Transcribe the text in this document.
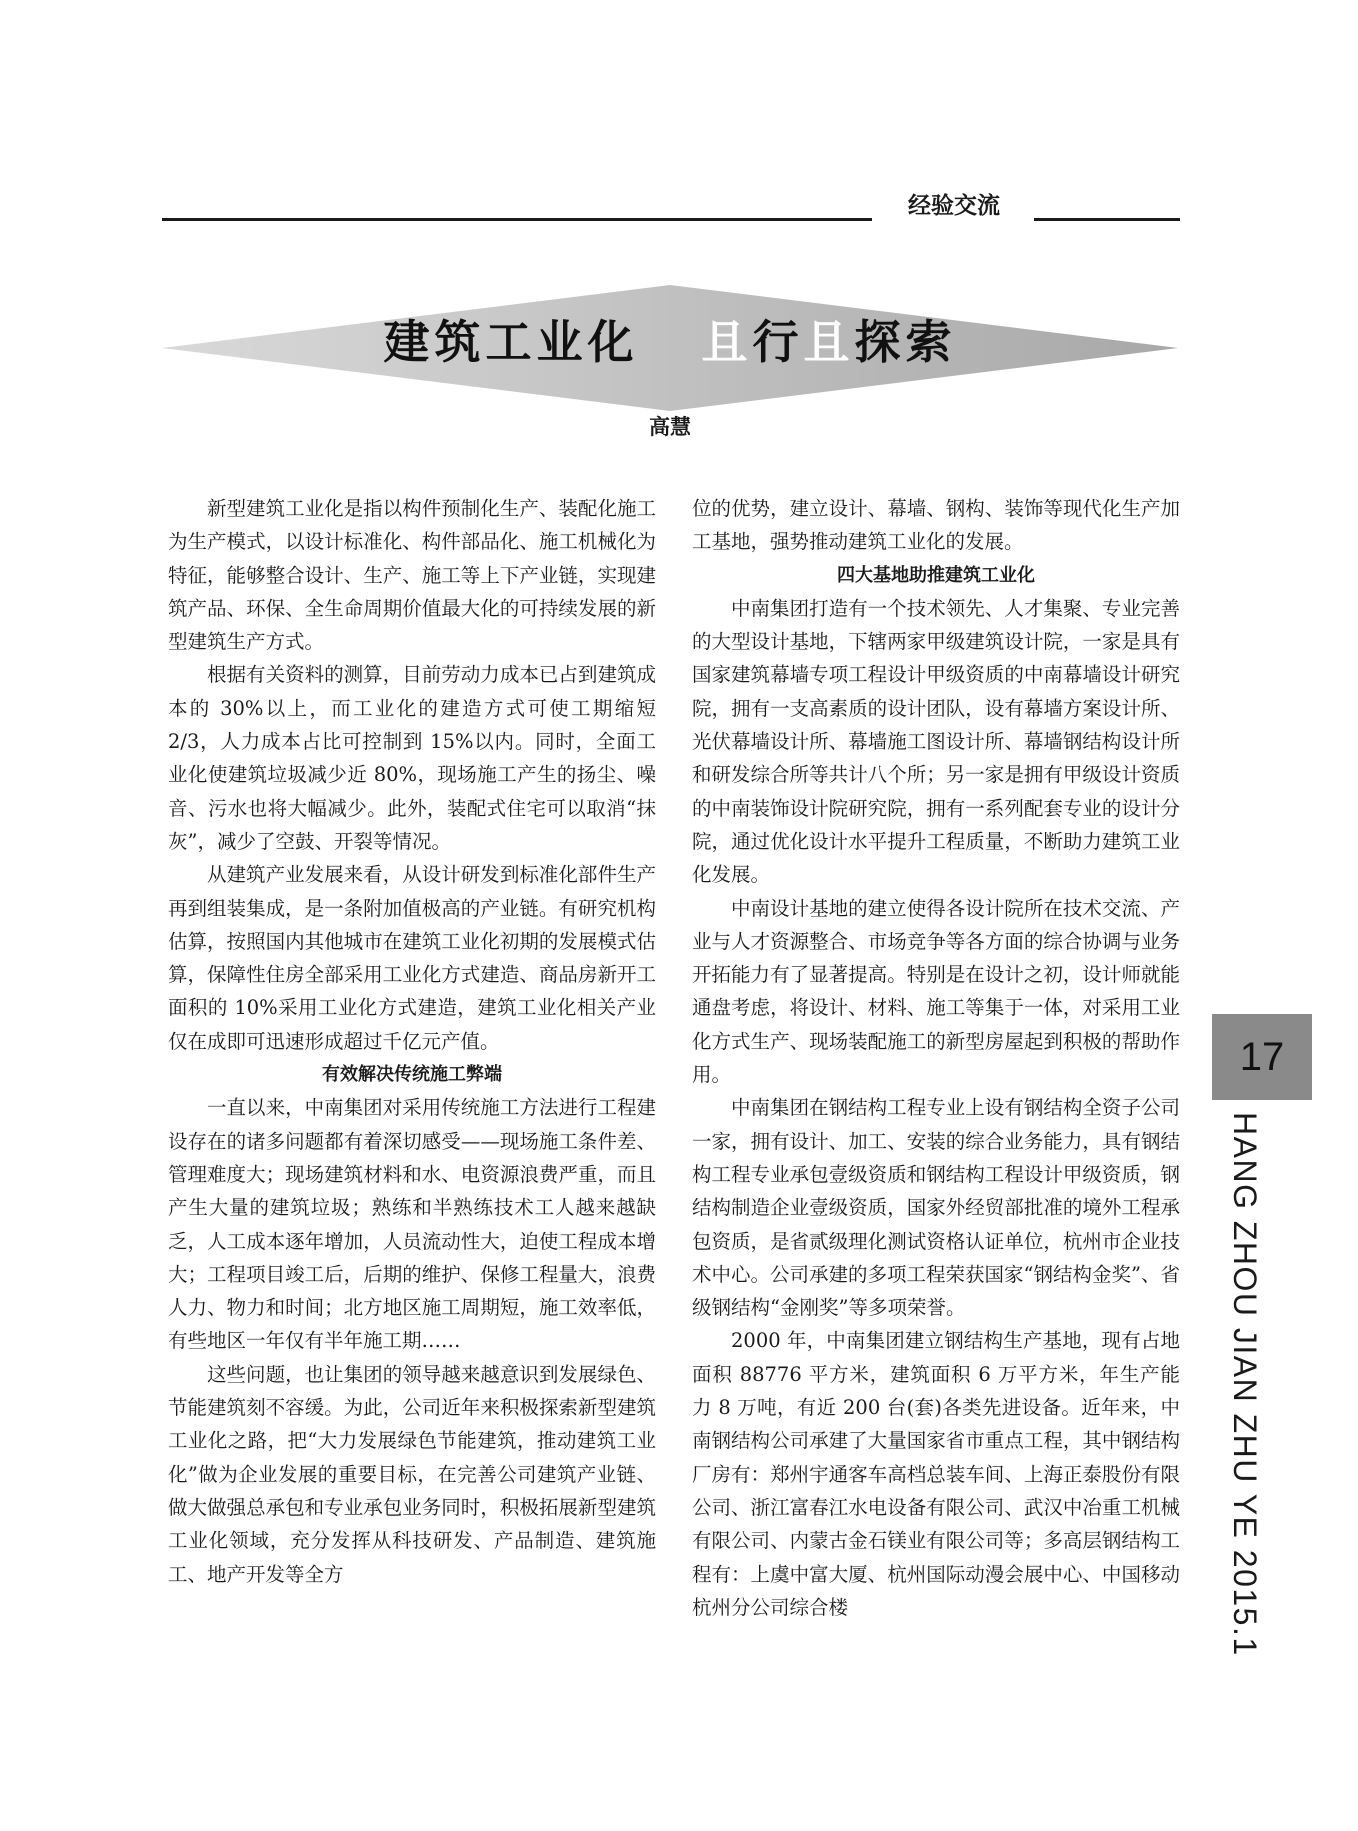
经验交流
建筑工业化 且行且探索
高慧

新型建筑工业化是指以构件预制化生产、装配化施工为生产模式，以设计标准化、构件部品化、施工机械化为特征，能够整合设计、生产、施工等上下产业链，实现建筑产品、环保、全生命周期价值最大化的可持续发展的新型建筑生产方式。

根据有关资料的测算，目前劳动力成本已占到建筑成本的 30%以上，而工业化的建造方式可使工期缩短 2/3，人力成本占比可控制到 15%以内。同时，全面工业化使建筑垃圾减少近 80%，现场施工产生的扬尘、噪音、污水也将大幅减少。此外，装配式住宅可以取消“抹灰”，减少了空鼓、开裂等情况。

从建筑产业发展来看，从设计研发到标准化部件生产再到组装集成，是一条附加值极高的产业链。有研究机构估算，按照国内其他城市在建筑工业化初期的发展模式估算，保障性住房全部采用工业化方式建造、商品房新开工面积的 10%采用工业化方式建造，建筑工业化相关产业仅在成即可迅速形成超过千亿元产值。

有效解决传统施工弊端

一直以来，中南集团对采用传统施工方法进行工程建设存在的诸多问题都有着深切感受——现场施工条件差、管理难度大；现场建筑材料和水、电资源浪费严重，而且产生大量的建筑垃圾；熟练和半熟练技术工人越来越缺乏，人工成本逐年增加，人员流动性大，迫使工程成本增大；工程项目竣工后，后期的维护、保修工程量大，浪费人力、物力和时间；北方地区施工周期短，施工效率低，有些地区一年仅有半年施工期……

这些问题，也让集团的领导越来越意识到发展绿色、节能建筑刻不容缓。为此，公司近年来积极探索新型建筑工业化之路，把“大力发展绿色节能建筑，推动建筑工业化”做为企业发展的重要目标，在完善公司建筑产业链、做大做强总承包和专业承包业务同时，积极拓展新型建筑工业化领域，充分发挥从科技研发、产品制造、建筑施工、地产开发等全方

位的优势，建立设计、幕墙、钢构、装饰等现代化生产加工基地，强势推动建筑工业化的发展。

四大基地助推建筑工业化

中南集团打造有一个技术领先、人才集聚、专业完善的大型设计基地，下辖两家甲级建筑设计院，一家是具有国家建筑幕墙专项工程设计甲级资质的中南幕墙设计研究院，拥有一支高素质的设计团队，设有幕墙方案设计所、光伏幕墙设计所、幕墙施工图设计所、幕墙钢结构设计所和研发综合所等共计八个所；另一家是拥有甲级设计资质的中南装饰设计院研究院，拥有一系列配套专业的设计分院，通过优化设计水平提升工程质量，不断助力建筑工业化发展。

中南设计基地的建立使得各设计院所在技术交流、产业与人才资源整合、市场竞争等各方面的综合协调与业务开拓能力有了显著提高。特别是在设计之初，设计师就能通盘考虑，将设计、材料、施工等集于一体，对采用工业化方式生产、现场装配施工的新型房屋起到积极的帮助作用。

中南集团在钢结构工程专业上设有钢结构全资子公司一家，拥有设计、加工、安装的综合业务能力，具有钢结构工程专业承包壹级资质和钢结构工程设计甲级资质，钢结构制造企业壹级资质，国家外经贸部批准的境外工程承包资质，是省贰级理化测试资格认证单位，杭州市企业技术中心。公司承建的多项工程荣获国家“钢结构金奖”、省级钢结构“金刚奖”等多项荣誉。

2000 年，中南集团建立钢结构生产基地，现有占地面积 88776 平方米，建筑面积 6 万平方米，年生产能力 8 万吨，有近 200 台(套)各类先进设备。近年来，中南钢结构公司承建了大量国家省市重点工程，其中钢结构厂房有：郑州宇通客车高档总装车间、上海正泰股份有限公司、浙江富春江水电设备有限公司、武汉中冶重工机械有限公司、内蒙古金石镁业有限公司等；多高层钢结构工程有：上虞中富大厦、杭州国际动漫会展中心、中国移动杭州分公司综合楼

17
HANG ZHOU JIAN ZHU YE 2015.1
